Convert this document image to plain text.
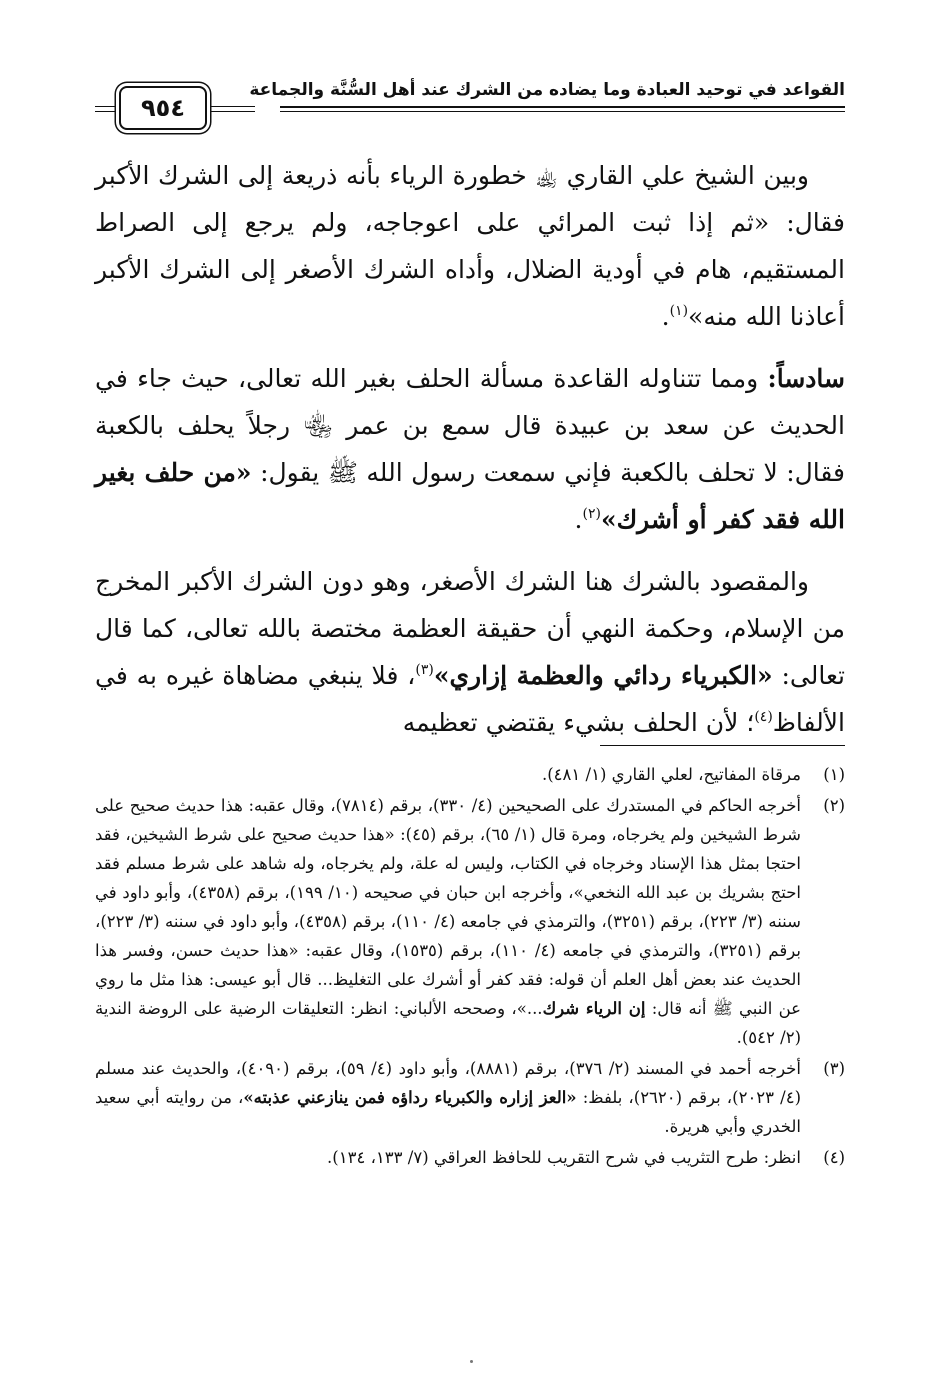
القواعد في توحيد العبادة وما يضاده من الشرك عند أهل السُّنَّة والجماعة
٩٥٤

وبين الشيخ علي القاري ﵀ خطورة الرياء بأنه ذريعة إلى الشرك الأكبر فقال: «ثم إذا ثبت المرائي على اعوجاجه، ولم يرجع إلى الصراط المستقيم، هام في أودية الضلال، وأداه الشرك الأصغر إلى الشرك الأكبر أعاذنا الله منه»$^{(١)}$.

سادساً: ومما تتناوله القاعدة مسألة الحلف بغير الله تعالى، حيث جاء في الحديث عن سعد بن عبيدة قال سمع بن عمر ﵄ رجلاً يحلف بالكعبة فقال: لا تحلف بالكعبة فإني سمعت رسول الله ﷺ يقول: «من حلف بغير الله فقد كفر أو أشرك»$^{(٢)}$.

والمقصود بالشرك هنا الشرك الأصغر، وهو دون الشرك الأكبر المخرج من الإسلام، وحكمة النهي أن حقيقة العظمة مختصة بالله تعالى، كما قال تعالى: «الكبرياء ردائي والعظمة إزاري»$^{(٣)}$، فلا ينبغي مضاهاة غيره به في الألفاظ$^{(٤)}$؛ لأن الحلف بشيء يقتضي تعظيمه

(١)
مرقاة المفاتيح، لعلي القاري (١/ ٤٨١).
(٢)
أخرجه الحاكم في المستدرك على الصحيحين (٤/ ٣٣٠)، برقم (٧٨١٤)، وقال عقبه: هذا حديث صحيح على شرط الشيخين ولم يخرجاه، ومرة قال (١/ ٦٥)، برقم (٤٥): «هذا حديث صحيح على شرط الشيخين، فقد احتجا بمثل هذا الإسناد وخرجاه في الكتاب، وليس له علة، ولم يخرجاه، وله شاهد على شرط مسلم فقد احتج بشريك بن عبد الله النخعي»، وأخرجه ابن حبان في صحيحه (١٠/ ١٩٩)، برقم (٤٣٥٨)، وأبو داود في سننه (٣/ ٢٢٣)، برقم (٣٢٥١)، والترمذي في جامعه (٤/ ١١٠)، برقم (٤٣٥٨)، وأبو داود في سننه (٣/ ٢٢٣)، برقم (٣٢٥١)، والترمذي في جامعه (٤/ ١١٠)، برقم (١٥٣٥)، وقال عقبه: «هذا حديث حسن، وفسر هذا الحديث عند بعض أهل العلم أن قوله: فقد كفر أو أشرك على التغليظ... قال أبو عيسى: هذا مثل ما روي عن النبي ﷺ أنه قال: إن الرياء شرك...»، وصححه الألباني: انظر: التعليقات الرضية على الروضة الندية (٢/ ٥٤٢).
(٣)
أخرجه أحمد في المسند (٢/ ٣٧٦)، برقم (٨٨٨١)، وأبو داود (٤/ ٥٩)، برقم (٤٠٩٠)، والحديث عند مسلم (٤/ ٢٠٢٣)، برقم (٢٦٢٠)، بلفظ: «العز إزاره والكبرياء رداؤه فمن ينازعني عذبته»، من روايته أبي سعيد الخدري وأبي هريرة.
(٤)
انظر: طرح التثريب في شرح التقريب للحافظ العراقي (٧/ ١٣٣، ١٣٤).
